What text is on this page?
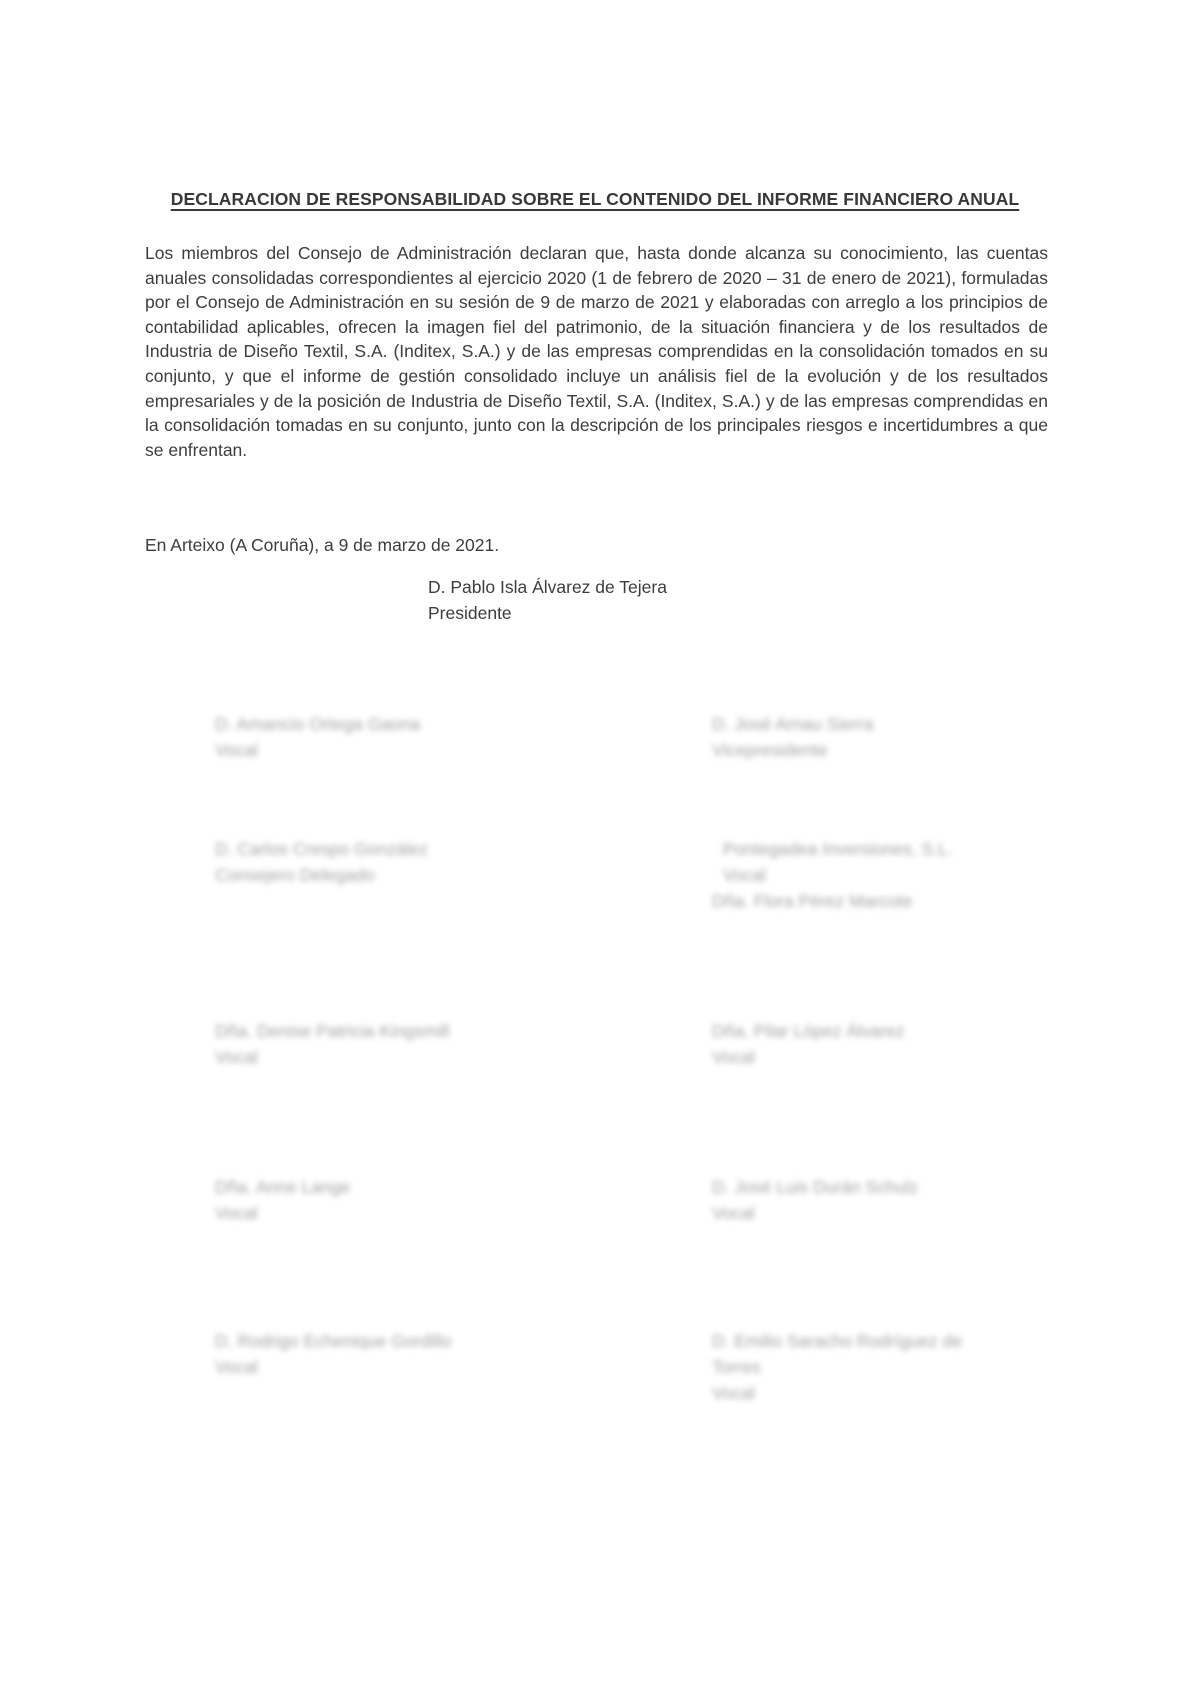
DECLARACION DE RESPONSABILIDAD SOBRE EL CONTENIDO DEL INFORME FINANCIERO ANUAL
Los miembros del Consejo de Administración declaran que, hasta donde alcanza su conocimiento, las cuentas anuales consolidadas correspondientes al ejercicio 2020 (1 de febrero de 2020 – 31 de enero de 2021), formuladas por el Consejo de Administración en su sesión de 9 de marzo de 2021 y elaboradas con arreglo a los principios de contabilidad aplicables, ofrecen la imagen fiel del patrimonio, de la situación financiera y de los resultados de Industria de Diseño Textil, S.A. (Inditex, S.A.) y de las empresas comprendidas en la consolidación tomados en su conjunto, y que el informe de gestión consolidado incluye un análisis fiel de la evolución y de los resultados empresariales y de la posición de Industria de Diseño Textil, S.A. (Inditex, S.A.) y de las empresas comprendidas en la consolidación tomadas en su conjunto, junto con la descripción de los principales riesgos e incertidumbres a que se enfrentan.
En Arteixo (A Coruña), a 9 de marzo de 2021.
D. Pablo Isla Álvarez de Tejera
Presidente
D. Amancio Ortega Gaona
Vocal
D. José Arnau Sierra
Vicepresidente
D. Carlos Crespo González
Consejero Delegado
Pontegadea Inversiones, S.L.
Vocal
Dña. Flora Pérez Marcote
Dña. Denise Patricia Kingsmill
Vocal
Dña. Pilar López Álvarez
Vocal
Dña. Anne Lange
Vocal
D. José Luis Durán Schulz
Vocal
D. Rodrigo Echenique Gordillo
Vocal
D. Emilio Saracho Rodríguez de
Torres
Vocal
